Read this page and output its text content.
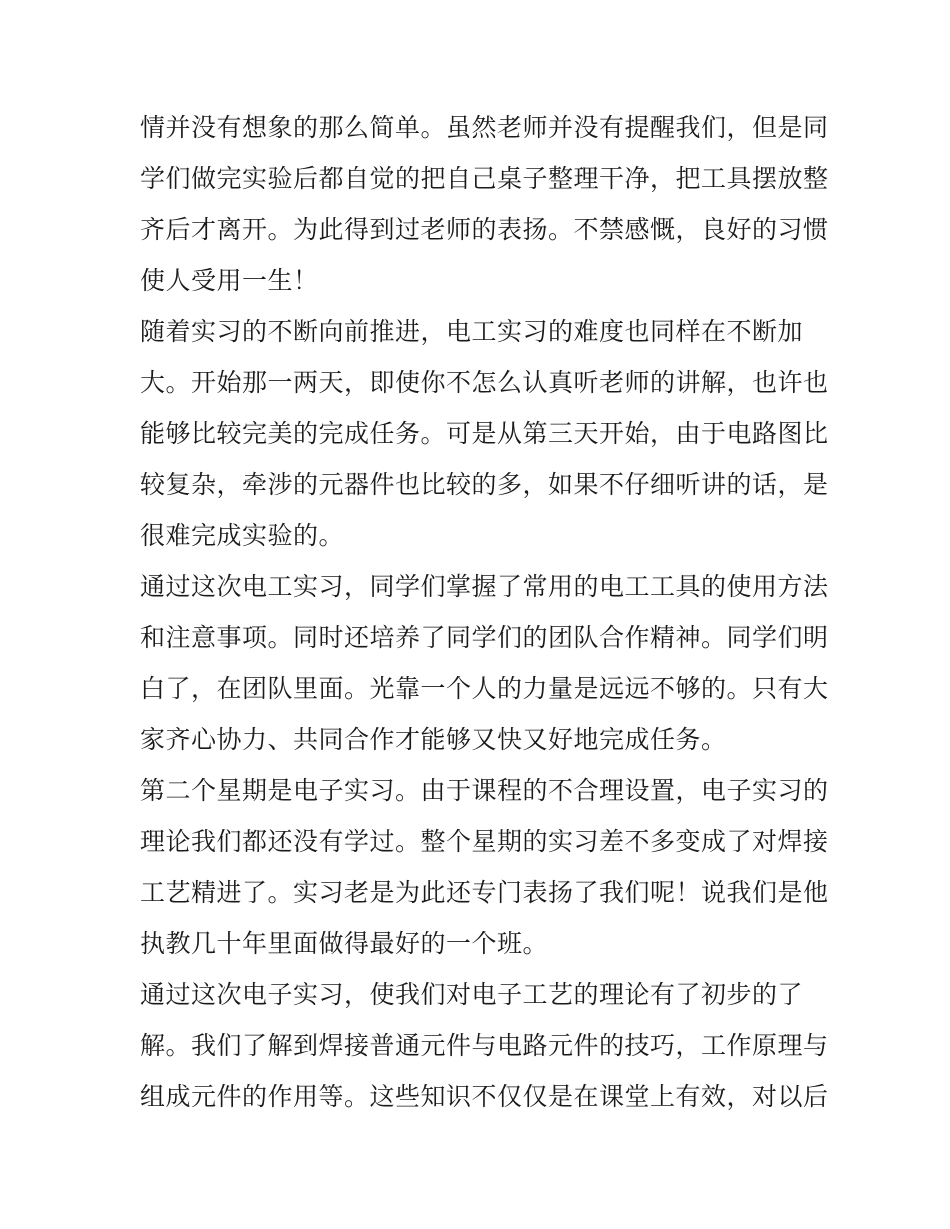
情并没有想象的那么简单。虽然老师并没有提醒我们，但是同
学们做完实验后都自觉的把自己桌子整理干净，把工具摆放整
齐后才离开。为此得到过老师的表扬。不禁感慨，良好的习惯
使人受用一生！
随着实习的不断向前推进，电工实习的难度也同样在不断加
大。开始那一两天，即使你不怎么认真听老师的讲解，也许也
能够比较完美的完成任务。可是从第三天开始，由于电路图比
较复杂，牵涉的元器件也比较的多，如果不仔细听讲的话，是
很难完成实验的。
通过这次电工实习，同学们掌握了常用的电工工具的使用方法
和注意事项。同时还培养了同学们的团队合作精神。同学们明
白了，在团队里面。光靠一个人的力量是远远不够的。只有大
家齐心协力、共同合作才能够又快又好地完成任务。
第二个星期是电子实习。由于课程的不合理设置，电子实习的
理论我们都还没有学过。整个星期的实习差不多变成了对焊接
工艺精进了。实习老是为此还专门表扬了我们呢！说我们是他
执教几十年里面做得最好的一个班。
通过这次电子实习，使我们对电子工艺的理论有了初步的了
解。我们了解到焊接普通元件与电路元件的技巧，工作原理与
组成元件的作用等。这些知识不仅仅是在课堂上有效，对以后
